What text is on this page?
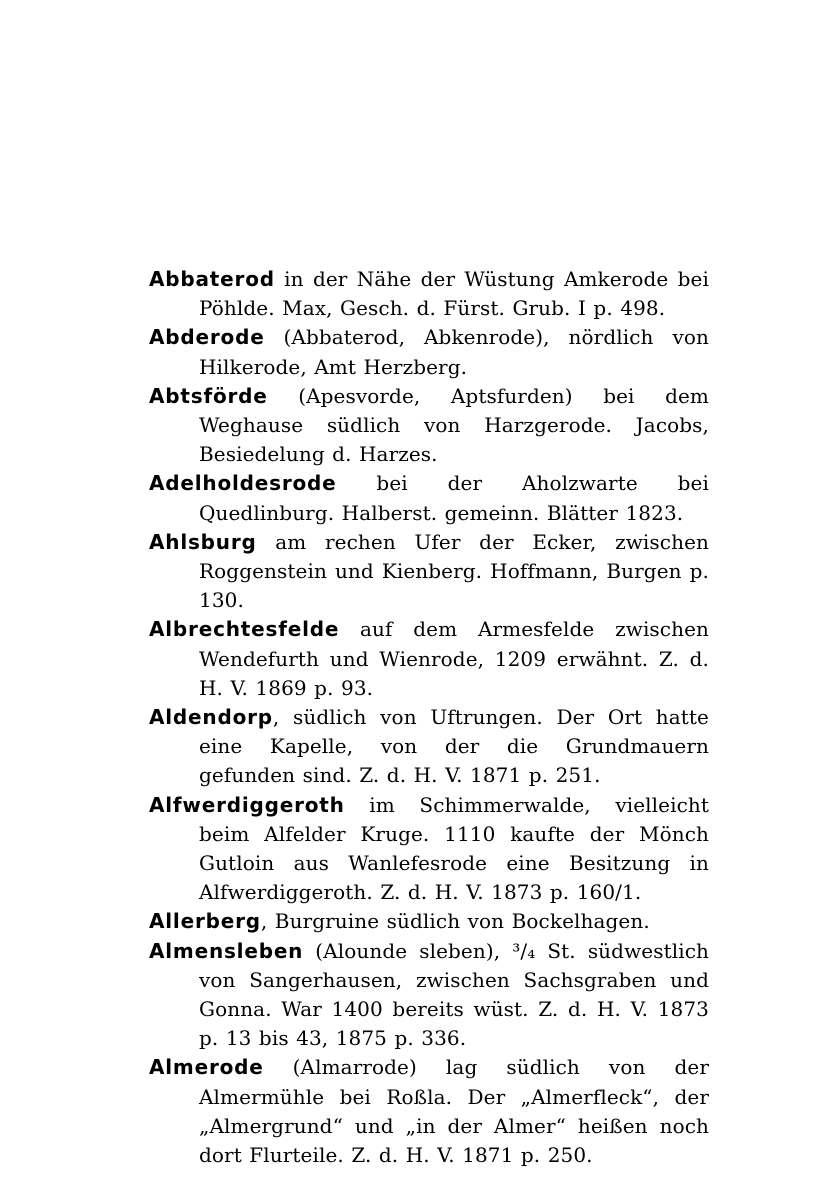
Abbaterod in der Nähe der Wüstung Amkerode bei Pöhlde. Max, Gesch. d. Fürst. Grub. I p. 498.

Abderode (Abbaterod, Abkenrode), nördlich von Hilkerode, Amt Herzberg.

Abtsförde (Apesvorde, Aptsfurden) bei dem Weghause südlich von Harzgerode. Jacobs, Besiedelung d. Harzes.

Adelholdesrode bei der Aholzwarte bei Quedlinburg. Halberst. gemeinn. Blätter 1823.

Ahlsburg am rechen Ufer der Ecker, zwischen Roggenstein und Kienberg. Hoffmann, Burgen p. 130.

Albrechtesfelde auf dem Armesfelde zwischen Wendefurth und Wienrode, 1209 erwähnt. Z. d. H. V. 1869 p. 93.

Aldendorp, südlich von Uftrungen. Der Ort hatte eine Kapelle, von der die Grundmauern gefunden sind. Z. d. H. V. 1871 p. 251.

Alfwerdiggeroth im Schimmerwalde, vielleicht beim Alfelder Kruge. 1110 kaufte der Mönch Gutloin aus Wanlefesrode eine Besitzung in Alfwerdiggeroth. Z. d. H. V. 1873 p. 160/1.

Allerberg, Burgruine südlich von Bockelhagen.

Almensleben (Alounde sleben), ³/₄ St. südwestlich von Sangerhausen, zwischen Sachsgraben und Gonna. War 1400 bereits wüst. Z. d. H. V. 1873 p. 13 bis 43, 1875 p. 336.

Almerode (Almarrode) lag südlich von der Almermühle bei Roßla. Der „Almerfleck“, der „Almergrund“ und „in der Almer“ heißen noch dort Flurteile. Z. d. H. V. 1871 p. 250.
